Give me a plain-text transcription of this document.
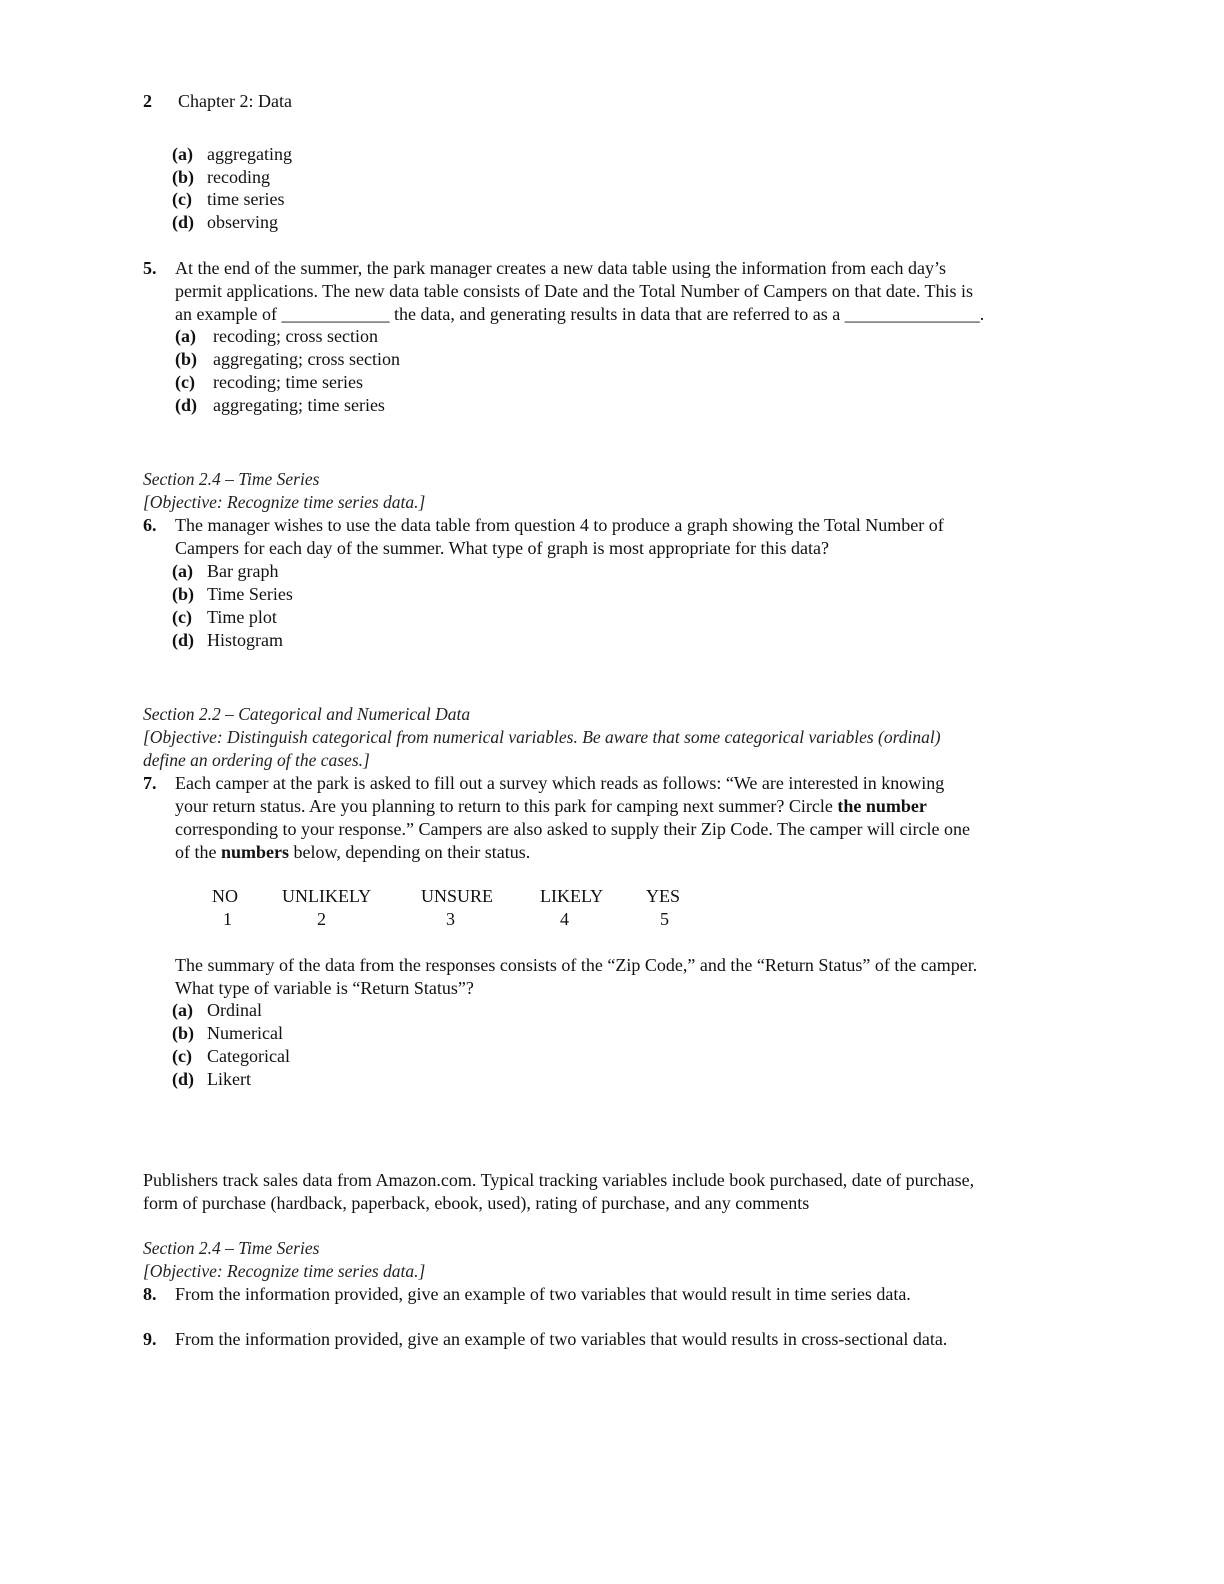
2 Chapter 2: Data
(a) aggregating
(b) recoding
(c) time series
(d) observing
5. At the end of the summer, the park manager creates a new data table using the information from each day’s
permit applications. The new data table consists of Date and the Total Number of Campers on that date. This is
an example of ____________ the data, and generating results in data that are referred to as a _______________.
(a) recoding; cross section
(b) aggregating; cross section
(c) recoding; time series
(d) aggregating; time series
Section 2.4 – Time Series
[Objective: Recognize time series data.]
6. The manager wishes to use the data table from question 4 to produce a graph showing the Total Number of
Campers for each day of the summer. What type of graph is most appropriate for this data?
(a) Bar graph
(b) Time Series
(c) Time plot
(d) Histogram
Section 2.2 – Categorical and Numerical Data
[Objective: Distinguish categorical from numerical variables. Be aware that some categorical variables (ordinal)
define an ordering of the cases.]
7. Each camper at the park is asked to fill out a survey which reads as follows: “We are interested in knowing
your return status. Are you planning to return to this park for camping next summer? Circle the number
corresponding to your response.” Campers are also asked to supply their Zip Code. The camper will circle one
of the numbers below, depending on their status.
NO
1
UNLIKELY
2
UNSURE
3
LIKELY
4
YES
5
The summary of the data from the responses consists of the “Zip Code,” and the “Return Status” of the camper.
What type of variable is “Return Status”?
(a) Ordinal
(b) Numerical
(c) Categorical
(d) Likert
Publishers track sales data from Amazon.com. Typical tracking variables include book purchased, date of purchase,
form of purchase (hardback, paperback, ebook, used), rating of purchase, and any comments
Section 2.4 – Time Series
[Objective: Recognize time series data.]
8. From the information provided, give an example of two variables that would result in time series data.
9. From the information provided, give an example of two variables that would results in cross-sectional data.
